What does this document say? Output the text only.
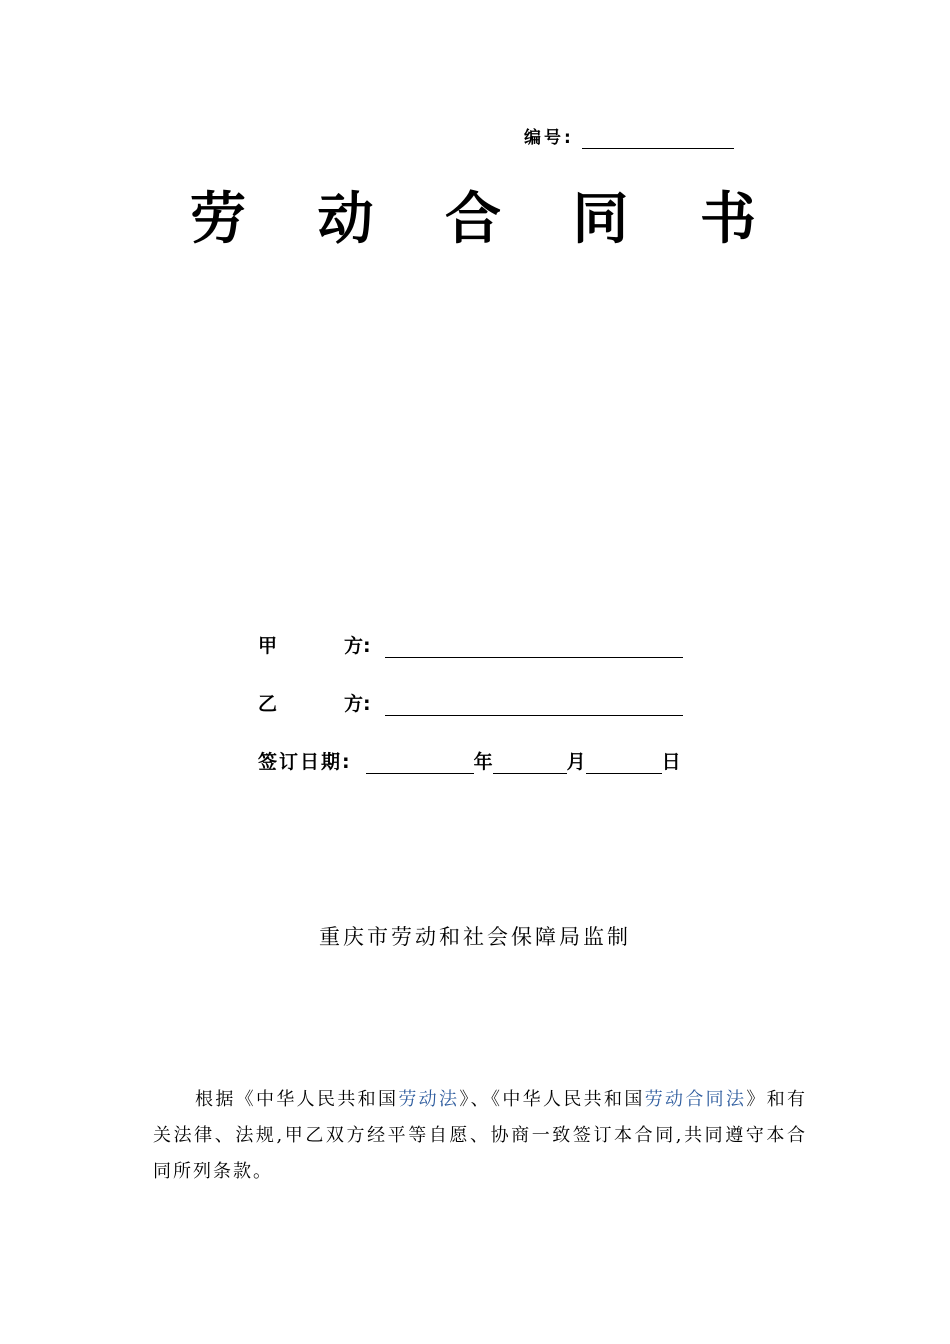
编号:
劳 动 合 同 书
甲	方:
乙	方:
签订日期:	年	月	日
重庆市劳动和社会保障局监制
根据《中华人民共和国劳动法》、《中华人民共和国劳动合同法》和有关法律、法规,甲乙双方经平等自愿、协商一致签订本合同,共同遵守本合同所列条款。
